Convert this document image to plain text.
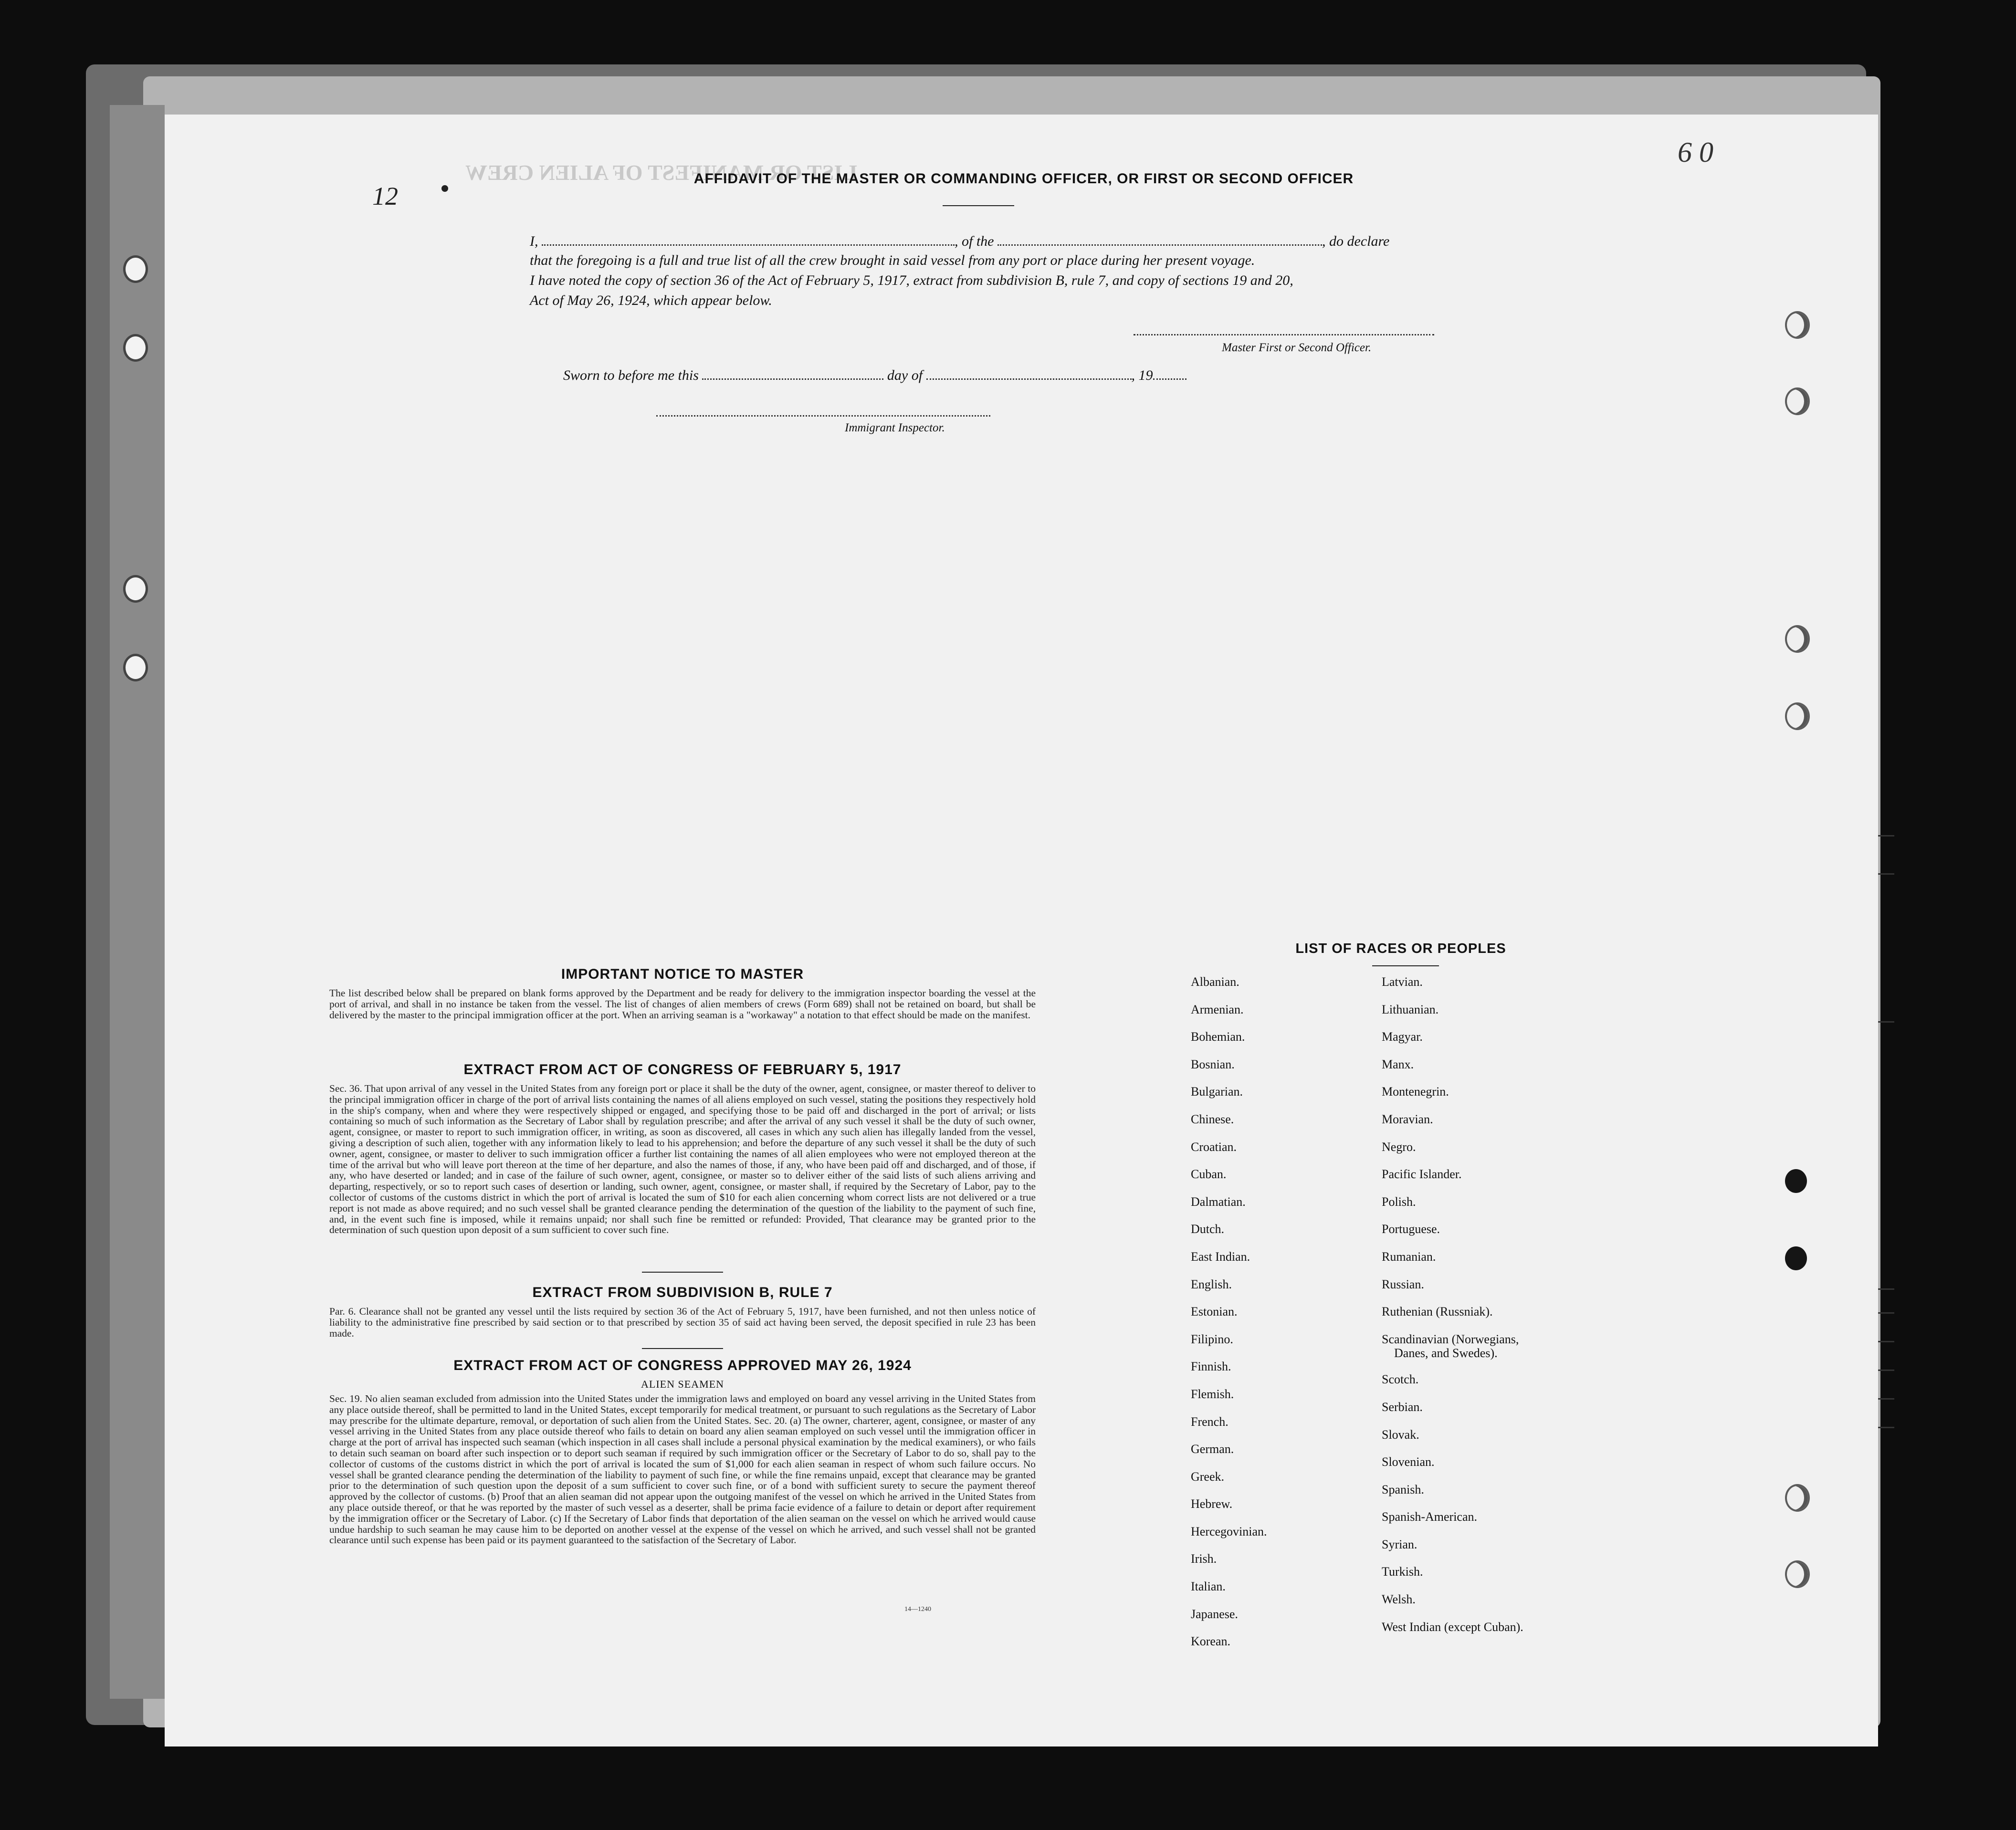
LIST OR MANIFEST OF ALIEN CREW
12
6 0
AFFIDAVIT OF THE MASTER OR COMMANDING OFFICER, OR FIRST OR SECOND OFFICER
I,	, of the	, do declare
that the foregoing is a full and true list of all the crew brought in said vessel from any port or place during her present voyage.
I have noted the copy of section 36 of the Act of February 5, 1917, extract from subdivision B, rule 7, and copy of sections 19 and 20,
Act of May 26, 1924, which appear below.
Master First or Second Officer.
Sworn to before me this	day of	, 19
Immigrant Inspector.
IMPORTANT NOTICE TO MASTER
The list described below shall be prepared on blank forms approved by the Department and be ready for delivery to the immigration inspector boarding the vessel at the port of arrival, and shall in no instance be taken from the vessel. The list of changes of alien members of crews (Form 689) shall not be retained on board, but shall be delivered by the master to the principal immigration officer at the port. When an arriving seaman is a "workaway" a notation to that effect should be made on the manifest.
EXTRACT FROM ACT OF CONGRESS OF FEBRUARY 5, 1917
Sec. 36. That upon arrival of any vessel in the United States from any foreign port or place it shall be the duty of the owner, agent, consignee, or master thereof to deliver to the principal immigration officer in charge of the port of arrival lists containing the names of all aliens employed on such vessel, stating the positions they respectively hold in the ship's company, when and where they were respectively shipped or engaged, and specifying those to be paid off and discharged in the port of arrival; or lists containing so much of such information as the Secretary of Labor shall by regulation prescribe; and after the arrival of any such vessel it shall be the duty of such owner, agent, consignee, or master to report to such immigration officer, in writing, as soon as discovered, all cases in which any such alien has illegally landed from the vessel, giving a description of such alien, together with any information likely to lead to his apprehension; and before the departure of any such vessel it shall be the duty of such owner, agent, consignee, or master to deliver to such immigration officer a further list containing the names of all alien employees who were not employed thereon at the time of the arrival but who will leave port thereon at the time of her departure, and also the names of those, if any, who have been paid off and discharged, and of those, if any, who have deserted or landed; and in case of the failure of such owner, agent, consignee, or master so to deliver either of the said lists of such aliens arriving and departing, respectively, or so to report such cases of desertion or landing, such owner, agent, consignee, or master shall, if required by the Secretary of Labor, pay to the collector of customs of the customs district in which the port of arrival is located the sum of $10 for each alien concerning whom correct lists are not delivered or a true report is not made as above required; and no such vessel shall be granted clearance pending the determination of the question of the liability to the payment of such fine, and, in the event such fine is imposed, while it remains unpaid; nor shall such fine be remitted or refunded: Provided, That clearance may be granted prior to the determination of such question upon deposit of a sum sufficient to cover such fine.
EXTRACT FROM SUBDIVISION B, RULE 7
Par. 6. Clearance shall not be granted any vessel until the lists required by section 36 of the Act of February 5, 1917, have been furnished, and not then unless notice of liability to the administrative fine prescribed by said section or to that prescribed by section 35 of said act having been served, the deposit specified in rule 23 has been made.
EXTRACT FROM ACT OF CONGRESS APPROVED MAY 26, 1924
ALIEN SEAMEN
Sec. 19. No alien seaman excluded from admission into the United States under the immigration laws and employed on board any vessel arriving in the United States from any place outside thereof, shall be permitted to land in the United States, except temporarily for medical treatment, or pursuant to such regulations as the Secretary of Labor may prescribe for the ultimate departure, removal, or deportation of such alien from the United States. Sec. 20. (a) The owner, charterer, agent, consignee, or master of any vessel arriving in the United States from any place outside thereof who fails to detain on board any alien seaman employed on such vessel until the immigration officer in charge at the port of arrival has inspected such seaman (which inspection in all cases shall include a personal physical examination by the medical examiners), or who fails to detain such seaman on board after such inspection or to deport such seaman if required by such immigration officer or the Secretary of Labor to do so, shall pay to the collector of customs of the customs district in which the port of arrival is located the sum of $1,000 for each alien seaman in respect of whom such failure occurs. No vessel shall be granted clearance pending the determination of the liability to payment of such fine, or while the fine remains unpaid, except that clearance may be granted prior to the determination of such question upon the deposit of a sum sufficient to cover such fine, or of a bond with sufficient surety to secure the payment thereof approved by the collector of customs. (b) Proof that an alien seaman did not appear upon the outgoing manifest of the vessel on which he arrived in the United States from any place outside thereof, or that he was reported by the master of such vessel as a deserter, shall be prima facie evidence of a failure to detain or deport after requirement by the immigration officer or the Secretary of Labor. (c) If the Secretary of Labor finds that deportation of the alien seaman on the vessel on which he arrived would cause undue hardship to such seaman he may cause him to be deported on another vessel at the expense of the vessel on which he arrived, and such vessel shall not be granted clearance until such expense has been paid or its payment guaranteed to the satisfaction of the Secretary of Labor.
14—1240
LIST OF RACES OR PEOPLES
Albanian.
Armenian.
Bohemian.
Bosnian.
Bulgarian.
Chinese.
Croatian.
Cuban.
Dalmatian.
Dutch.
East Indian.
English.
Estonian.
Filipino.
Finnish.
Flemish.
French.
German.
Greek.
Hebrew.
Hercegovinian.
Irish.
Italian.
Japanese.
Korean.
Latvian.
Lithuanian.
Magyar.
Manx.
Montenegrin.
Moravian.
Negro.
Pacific Islander.
Polish.
Portuguese.
Rumanian.
Russian.
Ruthenian (Russniak).
Scandinavian (Norwegians,
Danes, and Swedes).
Scotch.
Serbian.
Slovak.
Slovenian.
Spanish.
Spanish-American.
Syrian.
Turkish.
Welsh.
West Indian (except Cuban).
